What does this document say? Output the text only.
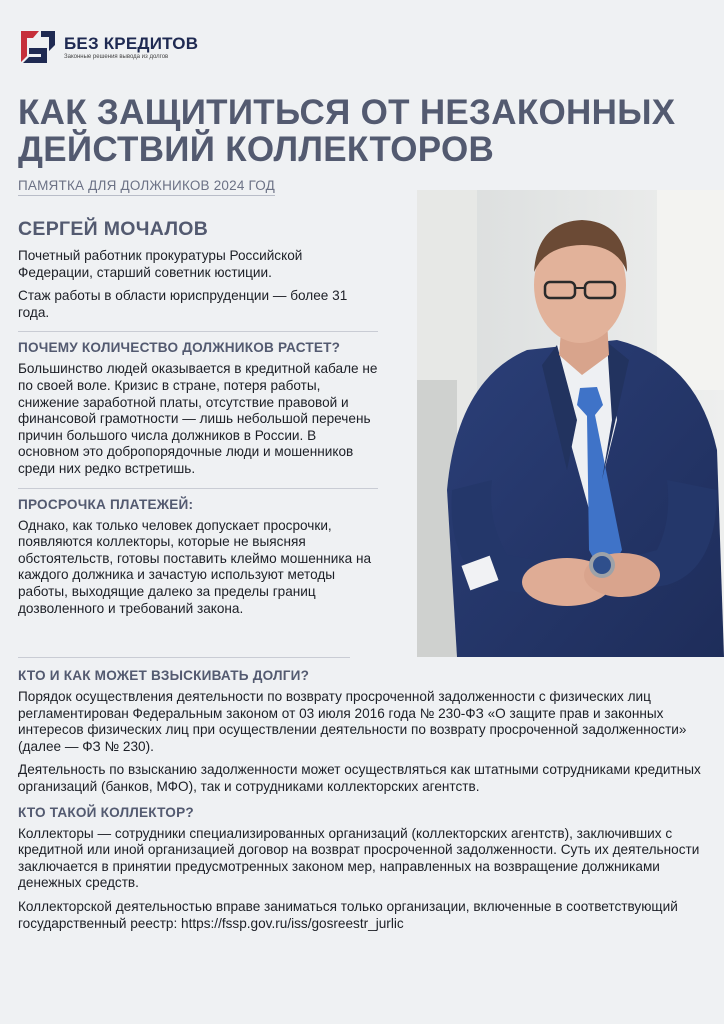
БЕЗ КРЕДИТОВ
Законные решения вывода из долгов
КАК ЗАЩИТИТЬСЯ ОТ НЕЗАКОННЫХ ДЕЙСТВИЙ КОЛЛЕКТОРОВ
ПАМЯТКА ДЛЯ ДОЛЖНИКОВ 2024 ГОД
СЕРГЕЙ МОЧАЛОВ

Почетный работник прокуратуры Российской Федерации, старший советник юстиции.

Стаж работы в области юриспруденции — более 31 года.

ПОЧЕМУ КОЛИЧЕСТВО ДОЛЖНИКОВ РАСТЕТ?

Большинство людей оказывается в кредитной кабале не по своей воле. Кризис в стране, потеря работы, снижение заработной платы, отсутствие правовой и финансовой грамотности — лишь небольшой перечень причин большого числа должников в России. В основном это добропорядочные люди и мошенников среди них редко встретишь.

ПРОСРОЧКА ПЛАТЕЖЕЙ:

Однако, как только человек допускает просрочки, появляются коллекторы, которые не выясняя обстоятельств, готовы поставить клеймо мошенника на каждого должника и зачастую используют методы работы, выходящие далеко за пределы границ дозволенного и требований закона.

КТО И КАК МОЖЕТ ВЗЫСКИВАТЬ ДОЛГИ?

Порядок осуществления деятельности по возврату просроченной задолженности с физических лиц регламентирован Федеральным законом от 03 июля 2016 года № 230-ФЗ «О защите прав и законных интересов физических лиц при осуществлении деятельности по возврату просроченной задолженности» (далее — ФЗ № 230).

Деятельность по взысканию задолженности может осуществляться как штатными сотрудниками кредитных организаций (банков, МФО), так и сотрудниками коллекторских агентств.

КТО ТАКОЙ КОЛЛЕКТОР?

Коллекторы — сотрудники специализированных организаций (коллекторских агентств), заключивших с кредитной или иной организацией договор на возврат просроченной задолженности. Суть их деятельности заключается в принятии предусмотренных законом мер, направленных на возвращение должниками денежных средств.

Коллекторской деятельностью вправе заниматься только организации, включенные в соответствующий государственный реестр: https://fssp.gov.ru/iss/gosreestr_jurlic
